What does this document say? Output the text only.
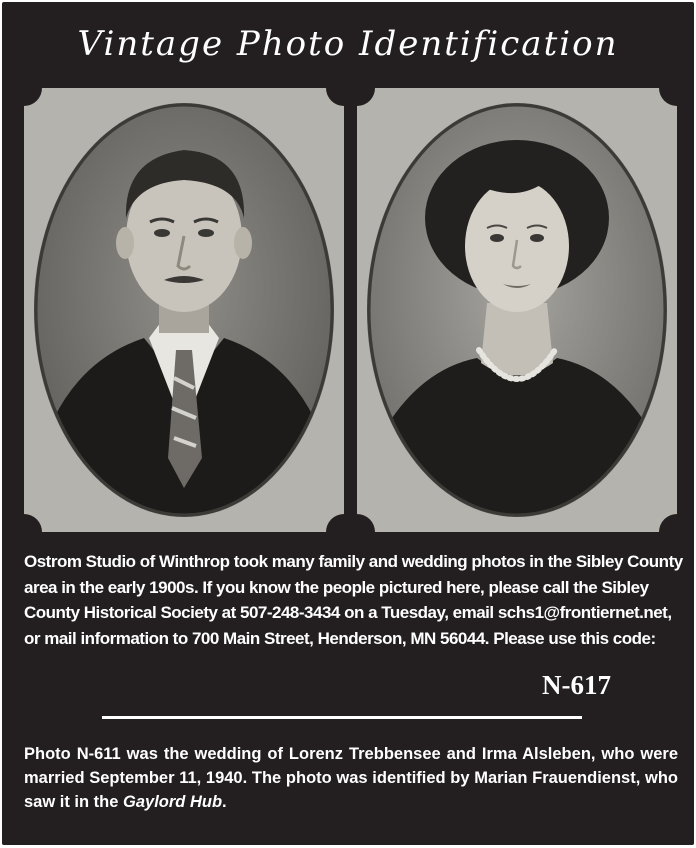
Vintage Photo Identification
Ostrom Studio of Winthrop took many family and wedding photos in the Sibley County area in the early 1900s. If you know the people pictured here, please call the Sibley County Historical Society at 507-248-3434 on a Tuesday, email schs1@frontiernet.net, or mail information to 700 Main Street, Henderson, MN 56044. Please use this code:
N-617
Photo N-611 was the wedding of Lorenz Trebbensee and Irma Alsleben, who were married September 11, 1940. The photo was identified by Marian Frauendienst, who saw it in the Gaylord Hub.
